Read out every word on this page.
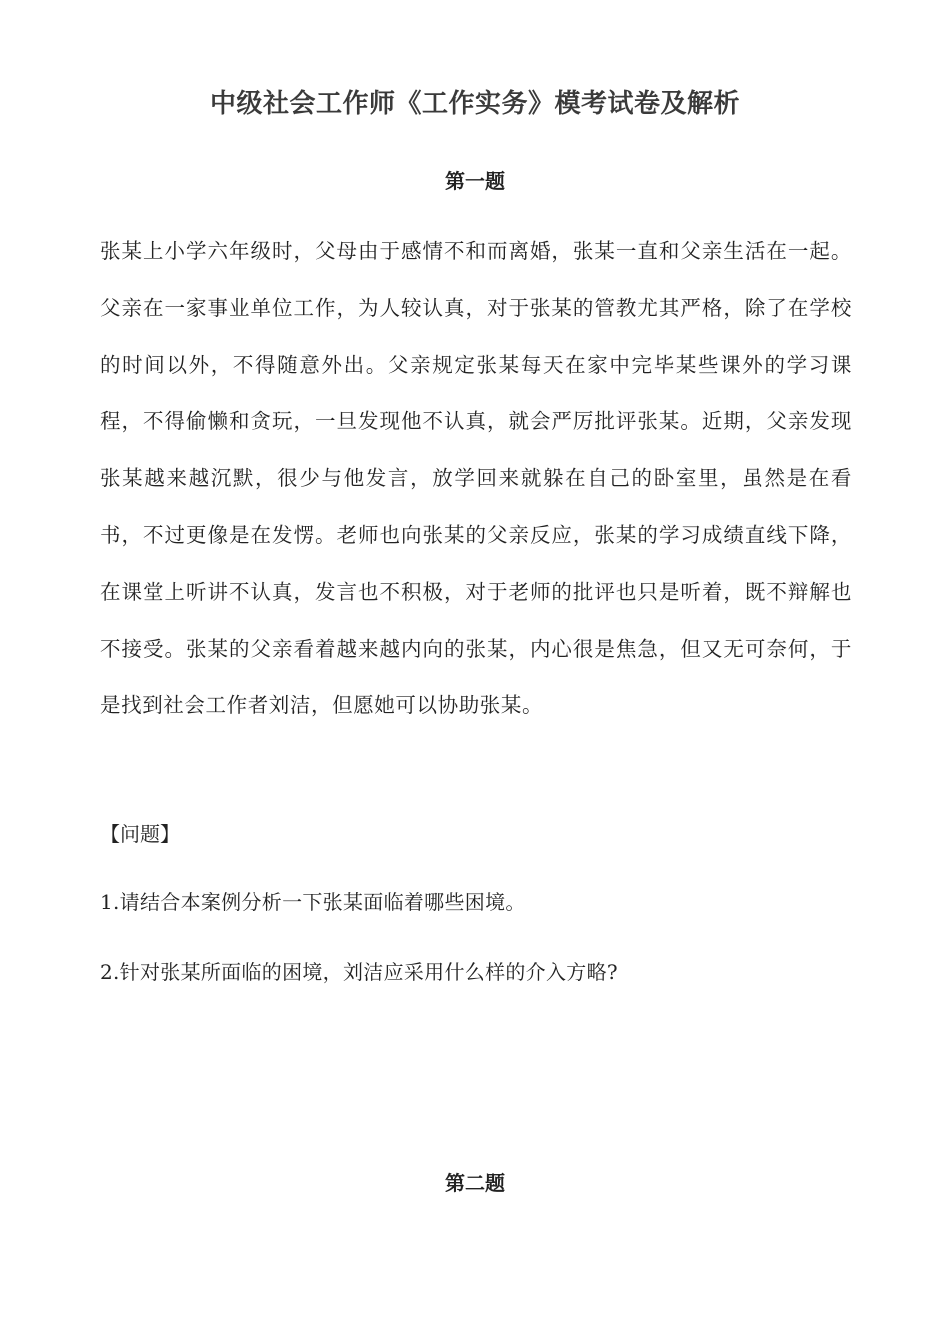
中级社会工作师《工作实务》模考试卷及解析
第一题

张某上小学六年级时，父母由于感情不和而离婚，张某一直和父亲生活在一起。父亲在一家事业单位工作，为人较认真，对于张某的管教尤其严格，除了在学校的时间以外，不得随意外出。父亲规定张某每天在家中完毕某些课外的学习课程，不得偷懒和贪玩，一旦发现他不认真，就会严厉批评张某。近期，父亲发现张某越来越沉默，很少与他发言，放学回来就躲在自己的卧室里，虽然是在看书，不过更像是在发愣。老师也向张某的父亲反应，张某的学习成绩直线下降，在课堂上听讲不认真，发言也不积极，对于老师的批评也只是听着，既不辩解也不接受。张某的父亲看着越来越内向的张某，内心很是焦急，但又无可奈何，于是找到社会工作者刘洁，但愿她可以协助张某。

【问题】
1.请结合本案例分析一下张某面临着哪些困境。
2.针对张某所面临的困境，刘洁应采用什么样的介入方略?
第二题
